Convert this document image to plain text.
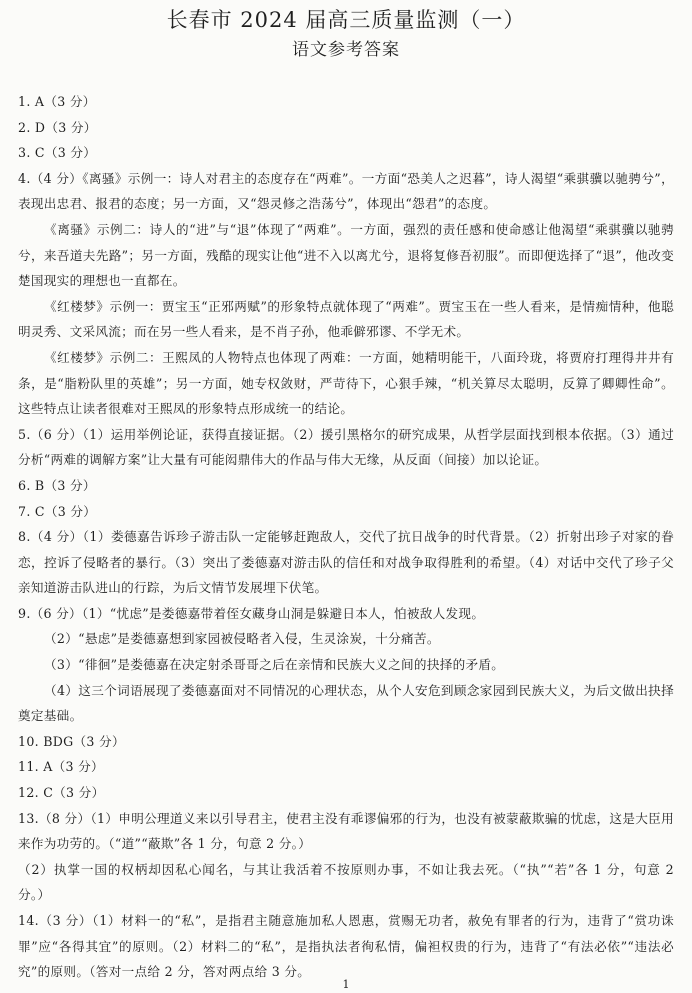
长春市 2024 届高三质量监测（一）
语文参考答案

1. A（3 分）

2. D（3 分）

3. C（3 分）

4.（4 分）《离骚》示例一：诗人对君主的态度存在“两难”。一方面“恐美人之迟暮”，诗人渴望“乘骐骥以驰骋兮”，表现出忠君、报君的态度；另一方面，又“怨灵修之浩荡兮”，体现出“怨君”的态度。

《离骚》示例二：诗人的“进”与“退”体现了“两难”。一方面，强烈的责任感和使命感让他渴望“乘骐骥以驰骋兮，来吾道夫先路”；另一方面，残酷的现实让他“进不入以离尤兮，退将复修吾初服”。而即便选择了“退”，他改变楚国现实的理想也一直都在。

《红楼梦》示例一：贾宝玉“正邪两赋”的形象特点就体现了“两难”。贾宝玉在一些人看来，是情痴情种，他聪明灵秀、文采风流；而在另一些人看来，是不肖子孙，他乖僻邪谬、不学无术。

《红楼梦》示例二：王熙凤的人物特点也体现了两难：一方面，她精明能干，八面玲珑，将贾府打理得井井有条，是“脂粉队里的英雄”；另一方面，她专权敛财，严苛待下，心狠手辣，“机关算尽太聪明，反算了卿卿性命”。这些特点让读者很难对王熙凤的形象特点形成统一的结论。

5.（6 分）（1）运用举例论证，获得直接证据。（2）援引黑格尔的研究成果，从哲学层面找到根本依据。（3）通过分析“两难的调解方案”让大量有可能闳鼎伟大的作品与伟大无缘，从反面（间接）加以论证。

6. B（3 分）

7. C（3 分）

8.（4 分）（1）娄德嘉告诉珍子游击队一定能够赶跑敌人，交代了抗日战争的时代背景。（2）折射出珍子对家的眷恋，控诉了侵略者的暴行。（3）突出了娄德嘉对游击队的信任和对战争取得胜利的希望。（4）对话中交代了珍子父亲知道游击队进山的行踪，为后文情节发展埋下伏笔。

9.（6 分）（1）“忧虑”是娄德嘉带着侄女藏身山洞是躲避日本人，怕被敌人发现。

（2）“悬虑”是娄德嘉想到家园被侵略者入侵，生灵涂炭，十分痛苦。

（3）“徘徊”是娄德嘉在决定射杀哥哥之后在亲情和民族大义之间的抉择的矛盾。

（4）这三个词语展现了娄德嘉面对不同情况的心理状态，从个人安危到顾念家园到民族大义，为后文做出抉择奠定基础。

10. BDG（3 分）

11. A（3 分）

12. C（3 分）

13.（8 分）（1）申明公理道义来以引导君主，使君主没有乖谬偏邪的行为，也没有被蒙蔽欺骗的忧虑，这是大臣用来作为功劳的。（“道”“蔽欺”各 1 分，句意 2 分。）

（2）执掌一国的权柄却因私心闻名，与其让我活着不按原则办事，不如让我去死。（“执”“若”各 1 分，句意 2 分。）

14.（3 分）（1）材料一的“私”，是指君主随意施加私人恩惠，赏赐无功者，赦免有罪者的行为，违背了“赏功诛罪”应“各得其宜”的原则。（2）材料二的“私”，是指执法者徇私情，偏袒权贵的行为，违背了“有法必依”“违法必究”的原则。（答对一点给 2 分，答对两点给 3 分。

1
